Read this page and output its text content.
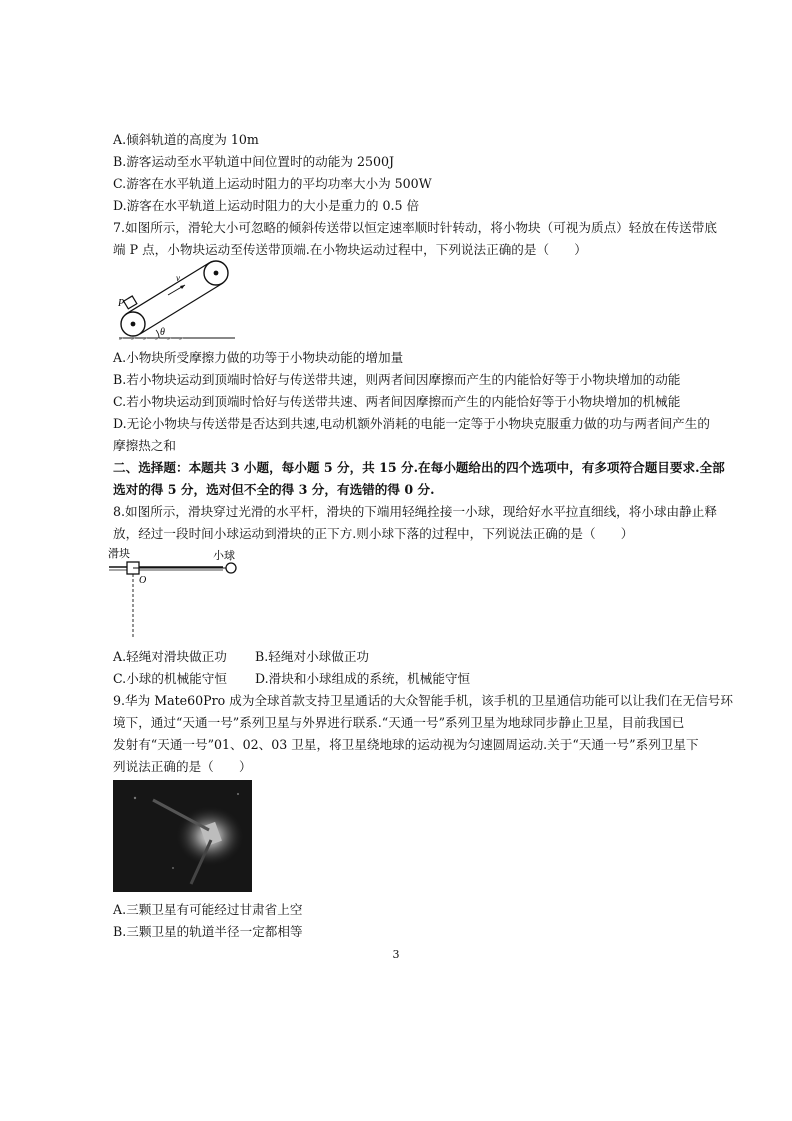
A.倾斜轨道的高度为 10m
B.游客运动至水平轨道中间位置时的动能为 2500J
C.游客在水平轨道上运动时阻力的平均功率大小为 500W
D.游客在水平轨道上运动时阻力的大小是重力的 0.5 倍
7.如图所示，滑轮大小可忽略的倾斜传送带以恒定速率顺时针转动，将小物块（可视为质点）轻放在传送带底
端 P 点，小物块运动至传送带顶端.在小物块运动过程中，下列说法正确的是（　　）
P
v
θ
A.小物块所受摩擦力做的功等于小物块动能的增加量
B.若小物块运动到顶端时恰好与传送带共速，则两者间因摩擦而产生的内能恰好等于小物块增加的动能
C.若小物块运动到顶端时恰好与传送带共速、两者间因摩擦而产生的内能恰好等于小物块增加的机械能
D.无论小物块与传送带是否达到共速,电动机额外消耗的电能一定等于小物块克服重力做的功与两者间产生的
摩擦热之和
二、选择题：本题共 3 小题，每小题 5 分，共 15 分.在每小题给出的四个选项中，有多项符合题目要求.全部
选对的得 5 分，选对但不全的得 3 分，有选错的得 0 分.
8.如图所示，滑块穿过光滑的水平杆，滑块的下端用轻绳拴接一小球，现给好水平拉直细线，将小球由静止释
放，经过一段时间小球运动到滑块的正下方.则小球下落的过程中，下列说法正确的是（　　）
滑块	小球
O
A.轻绳对滑块做正功 B.轻绳对小球做正功
C.小球的机械能守恒 D.滑块和小球组成的系统，机械能守恒
9.华为 Mate60Pro 成为全球首款支持卫星通话的大众智能手机，该手机的卫星通信功能可以让我们在无信号环
境下，通过“天通一号”系列卫星与外界进行联系.“天通一号”系列卫星为地球同步静止卫星，目前我国已
发射有“天通一号”01、02、03 卫星，将卫星绕地球的运动视为匀速圆周运动.关于“天通一号”系列卫星下
列说法正确的是（　　）
A.三颗卫星有可能经过甘肃省上空
B.三颗卫星的轨道半径一定都相等
3
